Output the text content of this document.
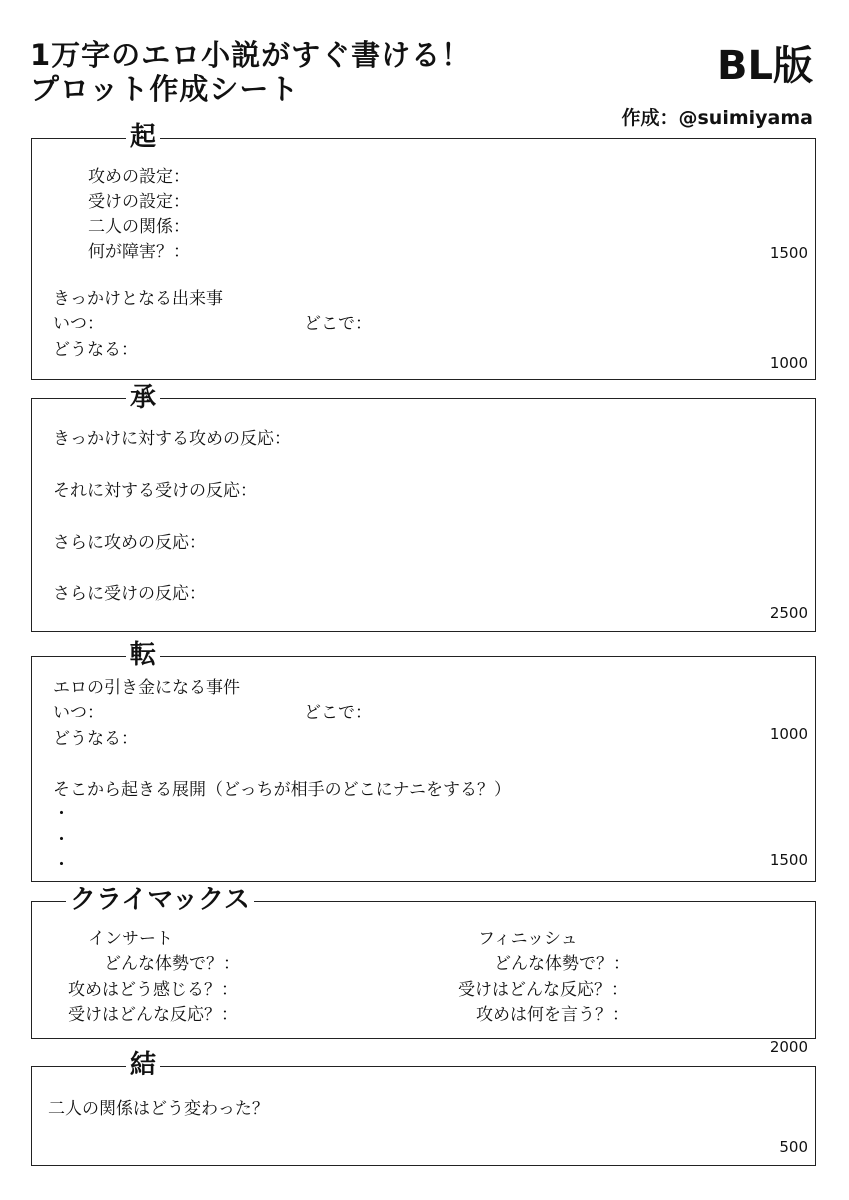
1万字のエロ小説がすぐ書ける！
プロット作成シート	BL版
作成：@suimiyama
起
攻めの設定：
受けの設定：
二人の関係：
何が障害？：	1500
きっかけとなる出来事
いつ：	どこで：
どうなる：
1000
承
きっかけに対する攻めの反応：
それに対する受けの反応：
さらに攻めの反応：
さらに受けの反応：
2500
転
エロの引き金になる事件
いつ：	どこで：
どうなる：	1000
そこから起きる展開（どっちが相手のどこにナニをする？）
・
・
・	1500
クライマックス
インサート
どんな体勢で？：
攻めはどう感じる？：
受けはどんな反応？：
フィニッシュ
どんな体勢で？：
受けはどんな反応？：
攻めは何を言う？：
2000
結
二人の関係はどう変わった？
500
